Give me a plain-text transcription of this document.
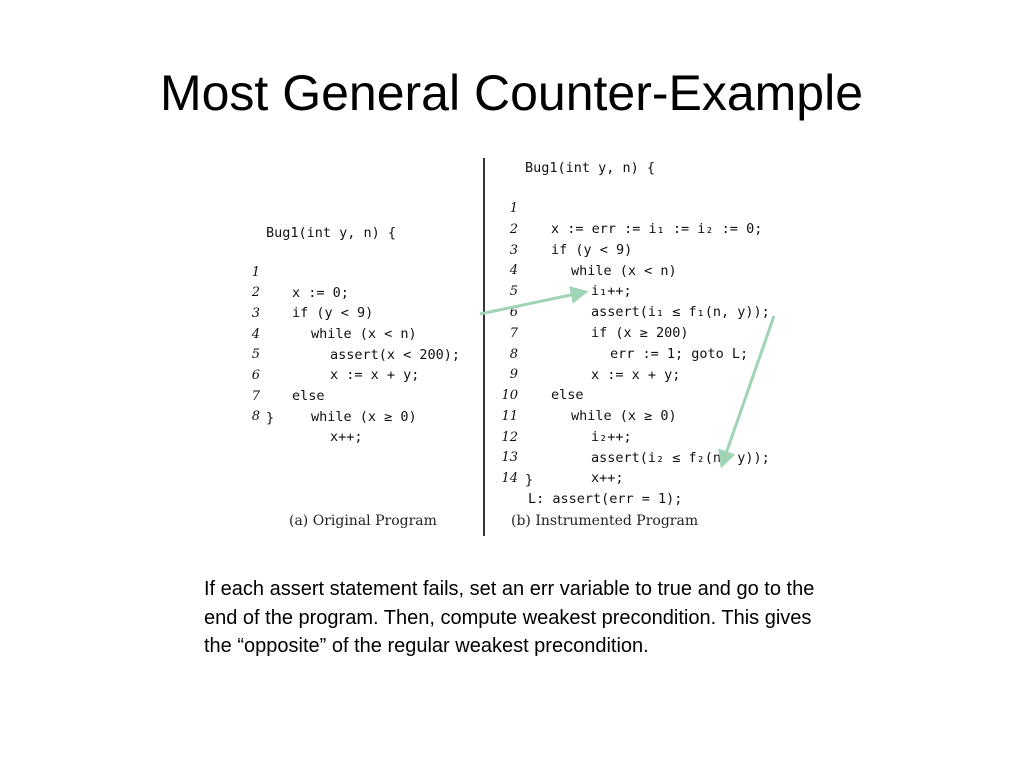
Most General Counter-Example
Bug1(int y, n) {

1

x := 0;

2

if (y < 9)

3

while (x < n)

4

assert(x < 200);

5

x := x + y;

6

else

7

while (x ≥ 0)

8

x++;

}
Bug1(int y, n) {

1

x := err := i₁ := i₂ := 0;

2

if (y < 9)

3

while (x < n)

4

i₁++;

5

assert(i₁ ≤ f₁(n, y));

6

if (x ≥ 200)

7

err := 1; goto L;

8

x := x + y;

9

else

10

while (x ≥ 0)

11

i₂++;

12

assert(i₂ ≤ f₂(n, y));

13

x++;

14

L: assert(err = 1);

}
(a) Original Program	(b) Instrumented Program
If each assert statement fails, set an err variable to true and go to the end of the program. Then, compute weakest precondition. This gives the “opposite” of the regular weakest precondition.
